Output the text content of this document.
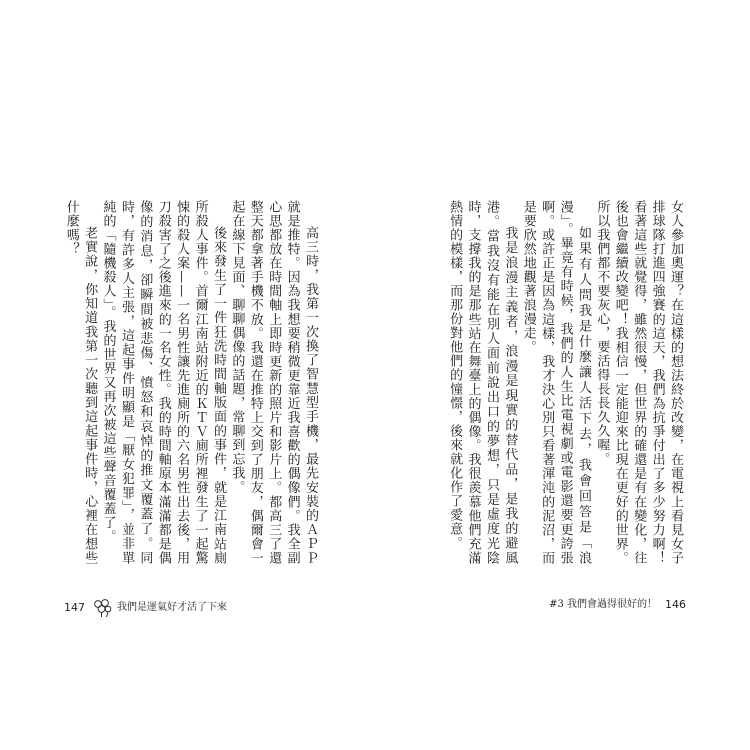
女人參加奧運？在這樣的想法終於改變，在電視上看見女子排球隊打進四強賽的這天，我們為抗爭付出了多少努力啊！看著這些就覺得，雖然很慢，但世界的確還是有在變化，往後也會繼續改變吧！我相信一定能迎來比現在更好的世界。所以我們都不要灰心，要活得長長久久喔。

如果有人問我是什麼讓人活下去，我會回答是「浪漫」。畢竟有時候，我們的人生比電視劇或電影還要更誇張啊。或許正是因為這樣，我才決心別只看著渾沌的泥沼，而是要欣然地觀著浪漫走。

我是浪漫主義者，浪漫是現實的替代品，是我的避風港。當我沒有能在別人面前說出口的夢想，只是虛度光陰時，支撐我的是那些站在舞臺上的偶像。我很羨慕他們充滿熱情的模樣，而那份對他們的憧憬，後來就化作了愛意。

高三時，我第一次換了智慧型手機，最先安裝的ＡＰＰ就是推特。因為我想要稍微更靠近我喜歡的偶像們。我全副心思都放在時間軸上即時更新的照片和影片上。都高三了還整天都拿著手機不放。我還在推特上交到了朋友，偶爾會一起在線下見面、聊聊偶像的話題，常聊到忘我。

後來發生了一件狂洗時間軸版面的事件，就是江南站廁所殺人事件。首爾江南站附近的ＫＴＶ廁所裡發生了一起驚悚的殺人案——一名男性讓先進廁所的六名男性出去後，用刀殺害了之後進來的一名女性。我的時間軸原本滿滿都是偶像的消息，卻瞬間被悲傷、憤怒和哀悼的推文覆蓋了。同時，有許多人主張，這起事件明顯是「厭女犯罪」，並非單純的「隨機殺人」。我的世界又再次被這些聲音覆蓋了。

老實說，你知道我第一次聽到這起事件時，心裡在想些什麼嗎？

147	我們是運氣好才活了下來	#3 我們會過得很好的！ 146
